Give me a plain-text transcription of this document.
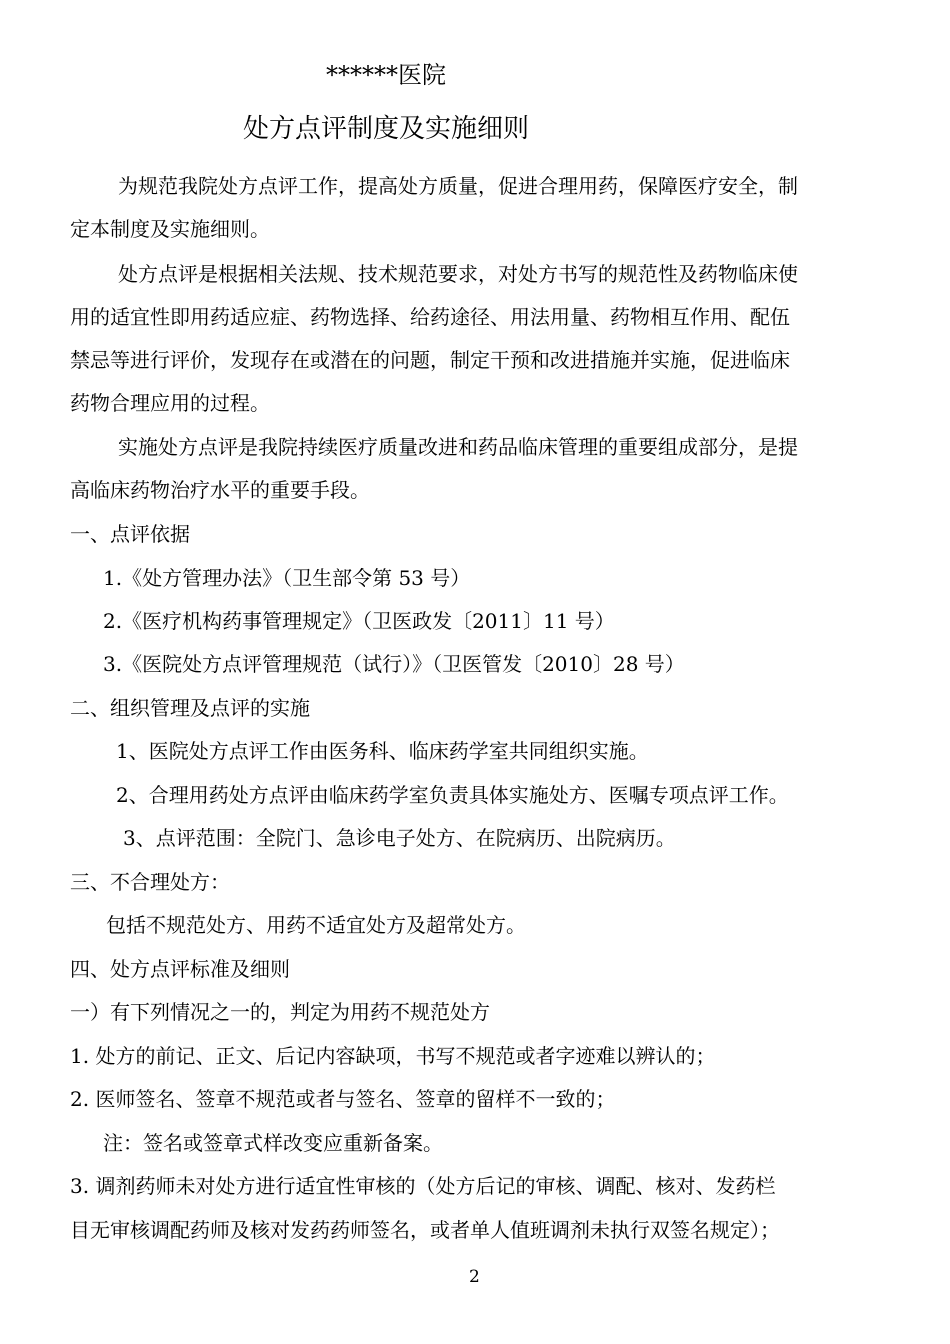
******医院
处方点评制度及实施细则
为规范我院处方点评工作，提高处方质量，促进合理用药，保障医疗安全，制
定本制度及实施细则。
处方点评是根据相关法规、技术规范要求，对处方书写的规范性及药物临床使
用的适宜性即用药适应症、药物选择、给药途径、用法用量、药物相互作用、配伍
禁忌等进行评价，发现存在或潜在的问题，制定干预和改进措施并实施，促进临床
药物合理应用的过程。
实施处方点评是我院持续医疗质量改进和药品临床管理的重要组成部分，是提
高临床药物治疗水平的重要手段。
一、点评依据
1.《处方管理办法》（卫生部令第 53 号）
2.《医疗机构药事管理规定》（卫医政发〔2011〕11 号）
3.《医院处方点评管理规范（试行）》（卫医管发〔2010〕28 号）
二、组织管理及点评的实施
1、医院处方点评工作由医务科、临床药学室共同组织实施。
2、合理用药处方点评由临床药学室负责具体实施处方、医嘱专项点评工作。
3、点评范围：全院门、急诊电子处方、在院病历、出院病历。
三、不合理处方：
包括不规范处方、用药不适宜处方及超常处方。
四、处方点评标准及细则
一）有下列情况之一的，判定为用药不规范处方
1. 处方的前记、正文、后记内容缺项，书写不规范或者字迹难以辨认的；
2. 医师签名、签章不规范或者与签名、签章的留样不一致的；
注：签名或签章式样改变应重新备案。
3. 调剂药师未对处方进行适宜性审核的（处方后记的审核、调配、核对、发药栏
目无审核调配药师及核对发药药师签名，或者单人值班调剂未执行双签名规定）；
2
